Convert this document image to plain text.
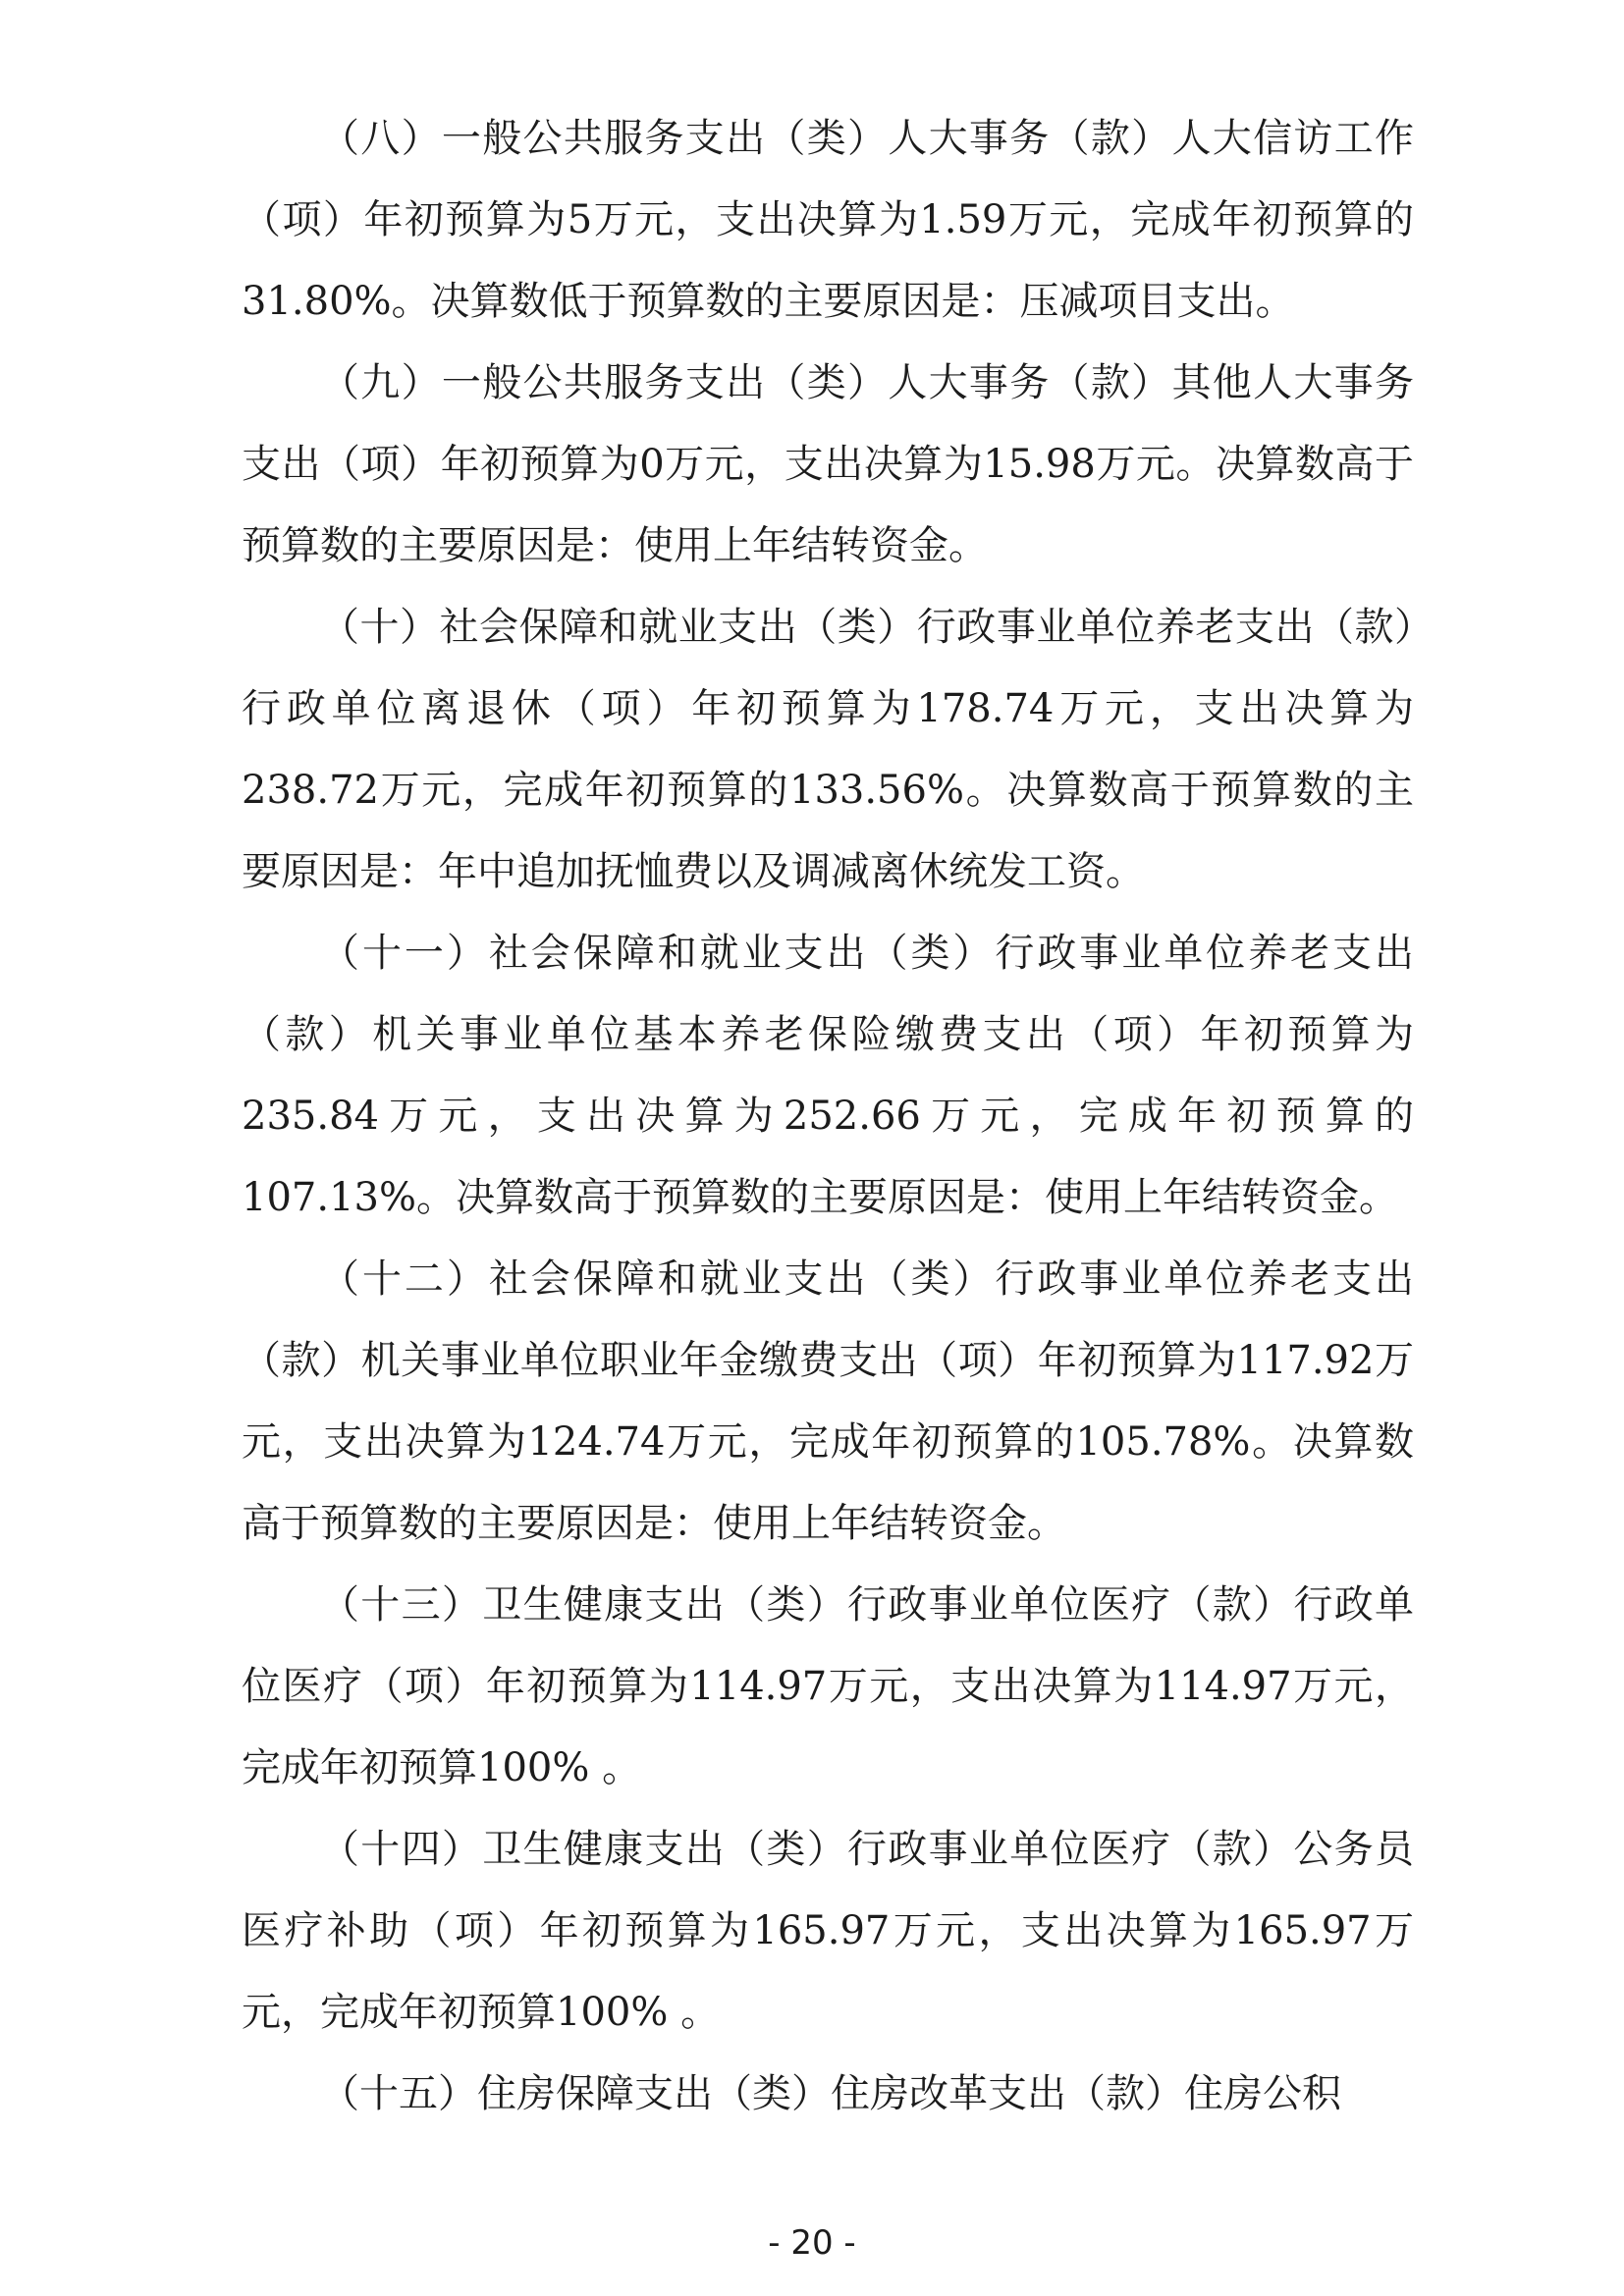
（八）一般公共服务支出（类）人大事务（款）人大信访工作（项）年初预算为5万元，支出决算为1.59万元，完成年初预算的31.80%。决算数低于预算数的主要原因是：压减项目支出。

（九）一般公共服务支出（类）人大事务（款）其他人大事务支出（项）年初预算为0万元，支出决算为15.98万元。决算数高于预算数的主要原因是：使用上年结转资金。

（十）社会保障和就业支出（类）行政事业单位养老支出（款）行政单位离退休（项）年初预算为178.74万元，支出决算为238.72万元，完成年初预算的133.56%。决算数高于预算数的主要原因是：年中追加抚恤费以及调减离休统发工资。

（十一）社会保障和就业支出（类）行政事业单位养老支出（款）机关事业单位基本养老保险缴费支出（项）年初预算为235.84万元，支出决算为252.66万元，完成年初预算的107.13%。决算数高于预算数的主要原因是：使用上年结转资金。

（十二）社会保障和就业支出（类）行政事业单位养老支出（款）机关事业单位职业年金缴费支出（项）年初预算为117.92万元，支出决算为124.74万元，完成年初预算的105.78%。决算数高于预算数的主要原因是：使用上年结转资金。

（十三）卫生健康支出（类）行政事业单位医疗（款）行政单位医疗（项）年初预算为114.97万元，支出决算为114.97万元，完成年初预算100% 。

（十四）卫生健康支出（类）行政事业单位医疗（款）公务员医疗补助（项）年初预算为165.97万元，支出决算为165.97万元，完成年初预算100% 。

（十五）住房保障支出（类）住房改革支出（款）住房公积

- 20 -
